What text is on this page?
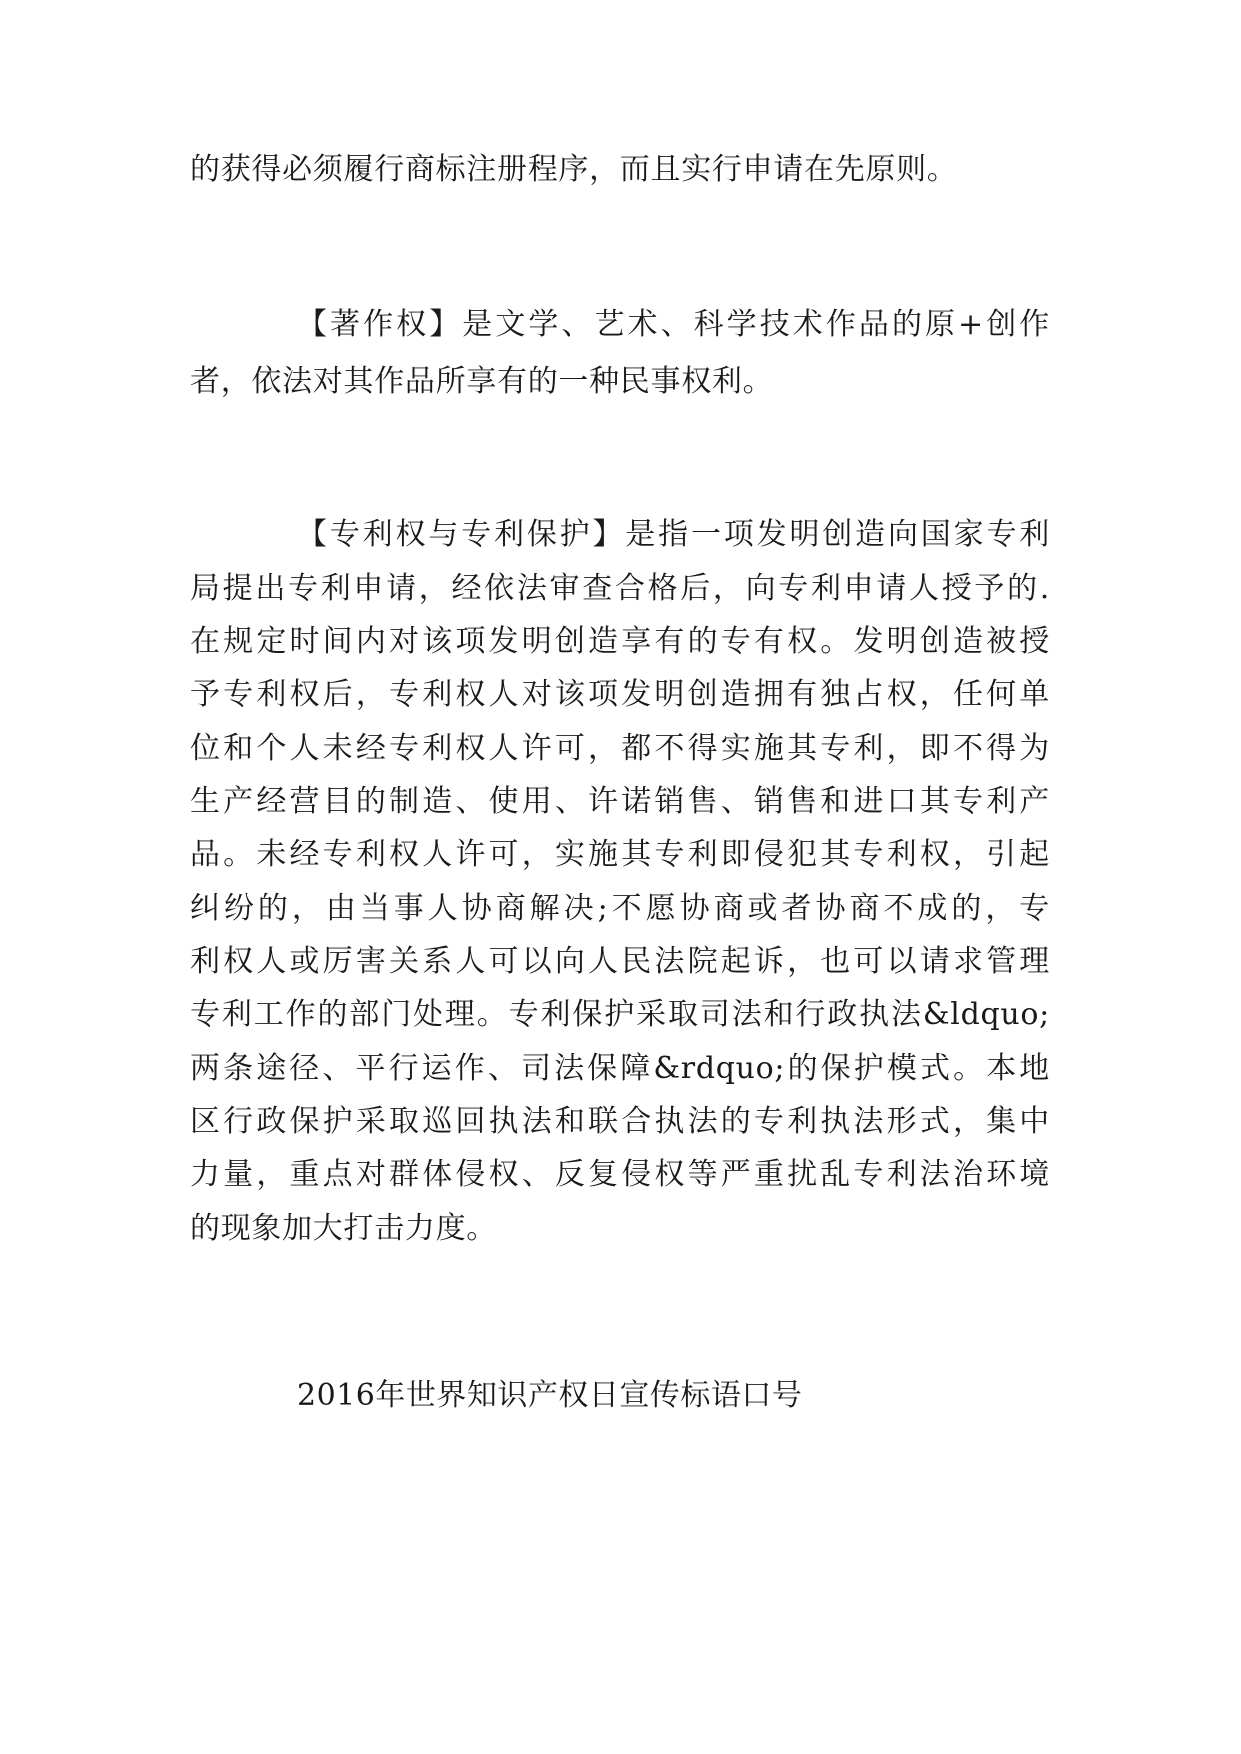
的获得必须履行商标注册程序，而且实行申请在先原则。
【著作权】是文学、艺术、科学技术作品的原+创作
者，依法对其作品所享有的一种民事权利。
【专利权与专利保护】是指一项发明创造向国家专利
局提出专利申请，经依法审查合格后，向专利申请人授予的.
在规定时间内对该项发明创造享有的专有权。发明创造被授
予专利权后，专利权人对该项发明创造拥有独占权，任何单
位和个人未经专利权人许可，都不得实施其专利，即不得为
生产经营目的制造、使用、许诺销售、销售和进口其专利产
品。未经专利权人许可，实施其专利即侵犯其专利权，引起
纠纷的，由当事人协商解决;不愿协商或者协商不成的，专
利权人或厉害关系人可以向人民法院起诉，也可以请求管理
专利工作的部门处理。专利保护采取司法和行政执法&ldquo;
两条途径、平行运作、司法保障&rdquo;的保护模式。本地
区行政保护采取巡回执法和联合执法的专利执法形式，集中
力量，重点对群体侵权、反复侵权等严重扰乱专利法治环境
的现象加大打击力度。
2016年世界知识产权日宣传标语口号
